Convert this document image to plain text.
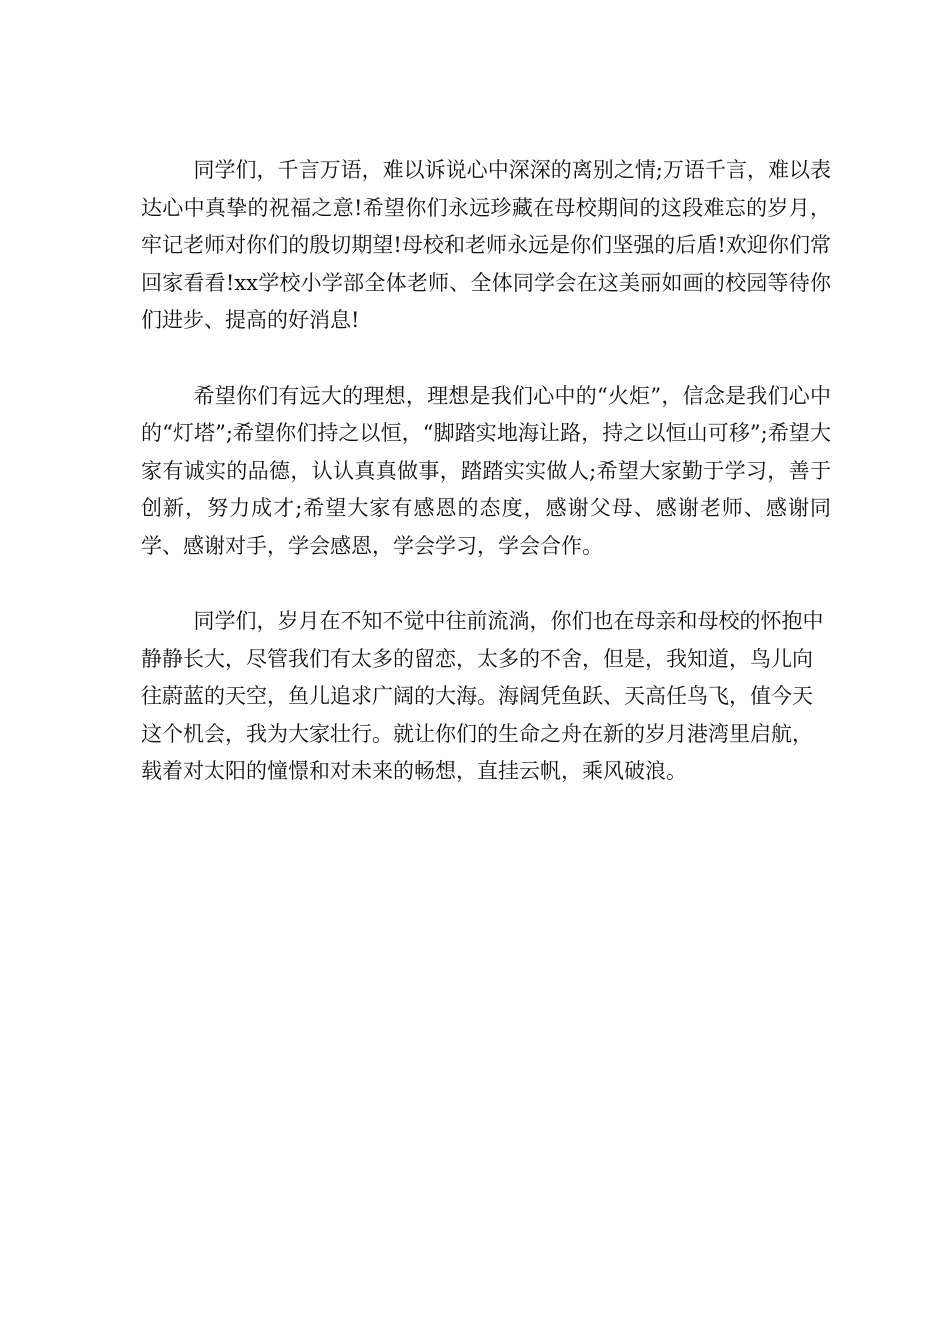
同学们，千言万语，难以诉说心中深深的离别之情;万语千言，难以表达心中真挚的祝福之意!希望你们永远珍藏在母校期间的这段难忘的岁月，牢记老师对你们的殷切期望!母校和老师永远是你们坚强的后盾!欢迎你们常回家看看!xx学校小学部全体老师、全体同学会在这美丽如画的校园等待你们进步、提高的好消息!

希望你们有远大的理想，理想是我们心中的“火炬”，信念是我们心中的“灯塔”;希望你们持之以恒，“脚踏实地海让路，持之以恒山可移”;希望大家有诚实的品德，认认真真做事，踏踏实实做人;希望大家勤于学习，善于创新，努力成才;希望大家有感恩的态度，感谢父母、感谢老师、感谢同学、感谢对手，学会感恩，学会学习，学会合作。

同学们，岁月在不知不觉中往前流淌，你们也在母亲和母校的怀抱中静静长大，尽管我们有太多的留恋，太多的不舍，但是，我知道，鸟儿向往蔚蓝的天空，鱼儿追求广阔的大海。海阔凭鱼跃、天高任鸟飞，值今天这个机会，我为大家壮行。就让你们的生命之舟在新的岁月港湾里启航，载着对太阳的憧憬和对未来的畅想，直挂云帆，乘风破浪。
